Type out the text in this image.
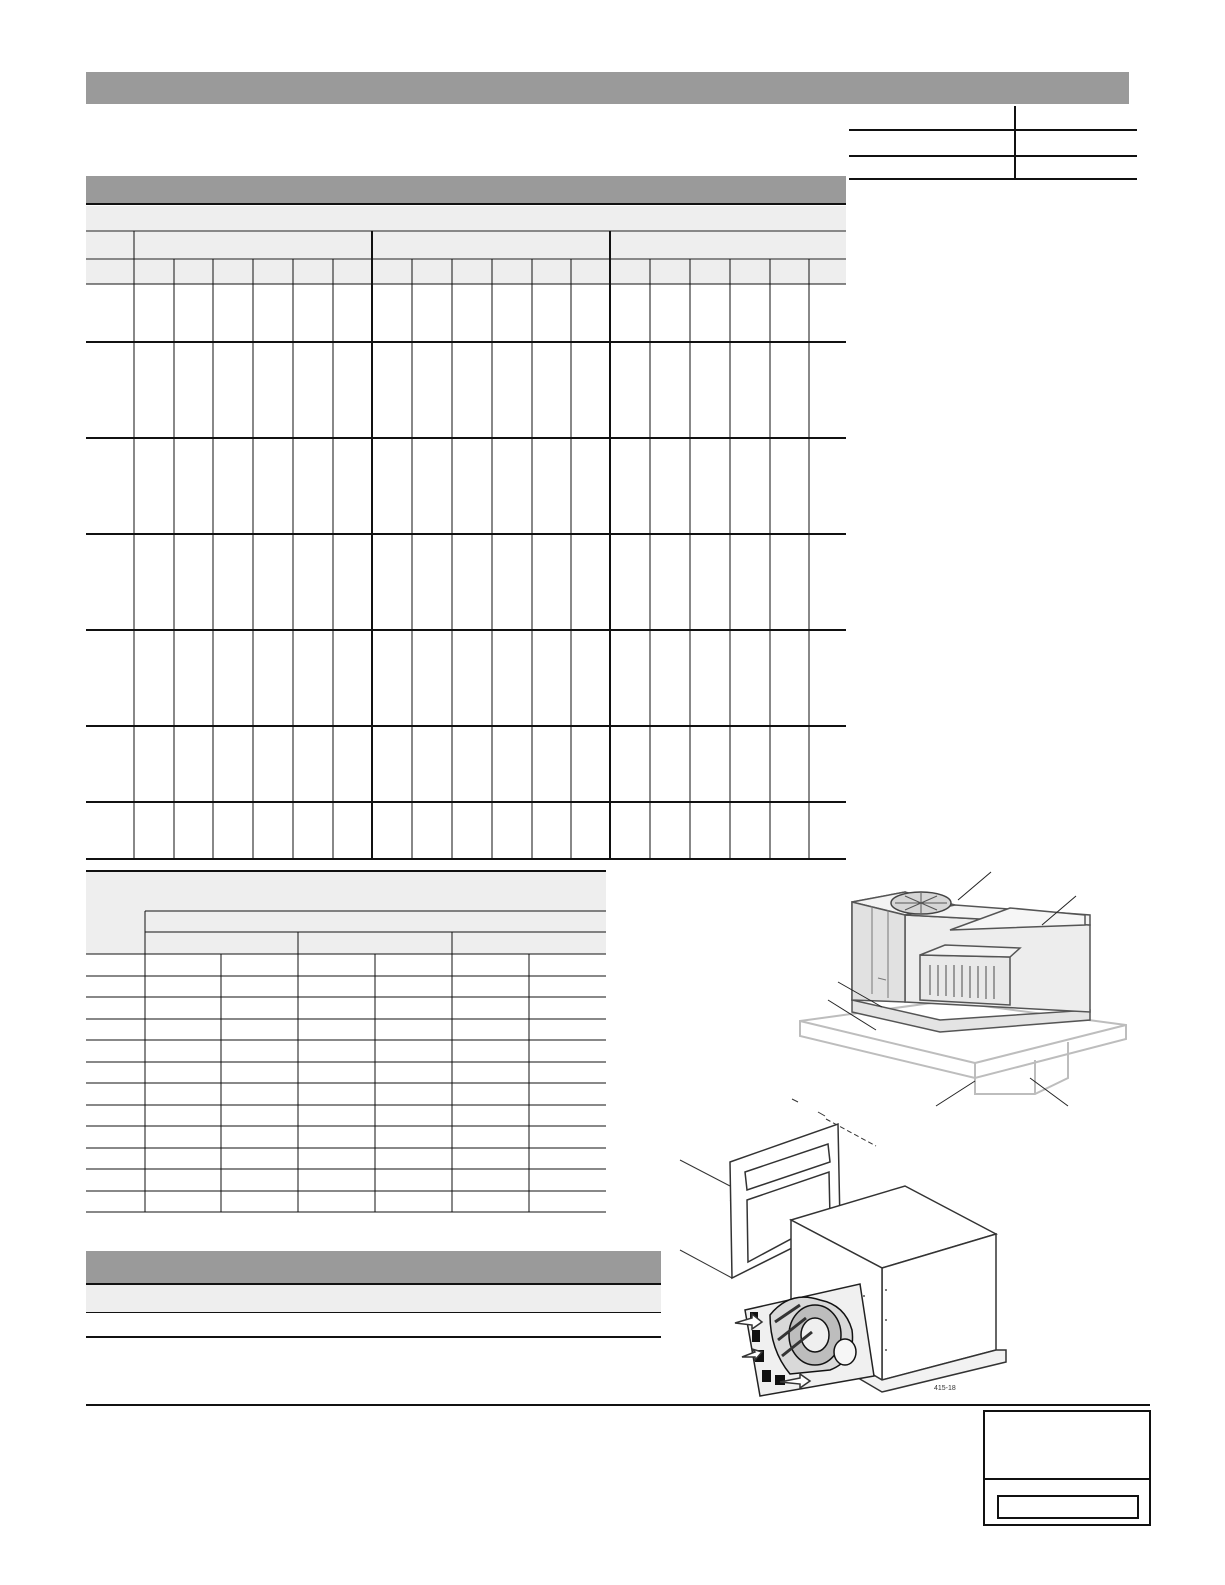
415-18
